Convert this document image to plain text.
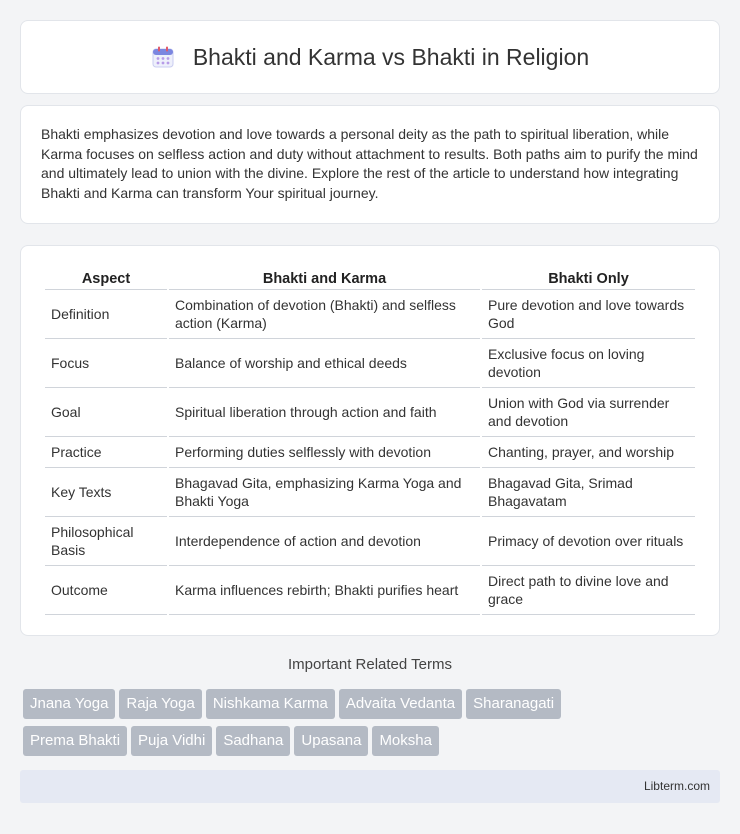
Bhakti and Karma vs Bhakti in Religion

Bhakti emphasizes devotion and love towards a personal deity as the path to spiritual liberation, while Karma focuses on selfless action and duty without attachment to results. Both paths aim to purify the mind and ultimately lead to union with the divine. Explore the rest of the article to understand how integrating Bhakti and Karma can transform Your spiritual journey.

Aspect	Bhakti and Karma	Bhakti Only
Definition	Combination of devotion (Bhakti) and selfless action (Karma)	Pure devotion and love towards God
Focus	Balance of worship and ethical deeds	Exclusive focus on loving devotion
Goal	Spiritual liberation through action and faith	Union with God via surrender and devotion
Practice	Performing duties selflessly with devotion	Chanting, prayer, and worship
Key Texts	Bhagavad Gita, emphasizing Karma Yoga and Bhakti Yoga	Bhagavad Gita, Srimad Bhagavatam
Philosophical Basis	Interdependence of action and devotion	Primacy of devotion over rituals
Outcome	Karma influences rebirth; Bhakti purifies heart	Direct path to divine love and grace
Important Related Terms
Jnana Yoga Raja Yoga Nishkama Karma Advaita Vedanta Sharanagati
Prema Bhakti Puja Vidhi Sadhana Upasana Moksha
Libterm.com
